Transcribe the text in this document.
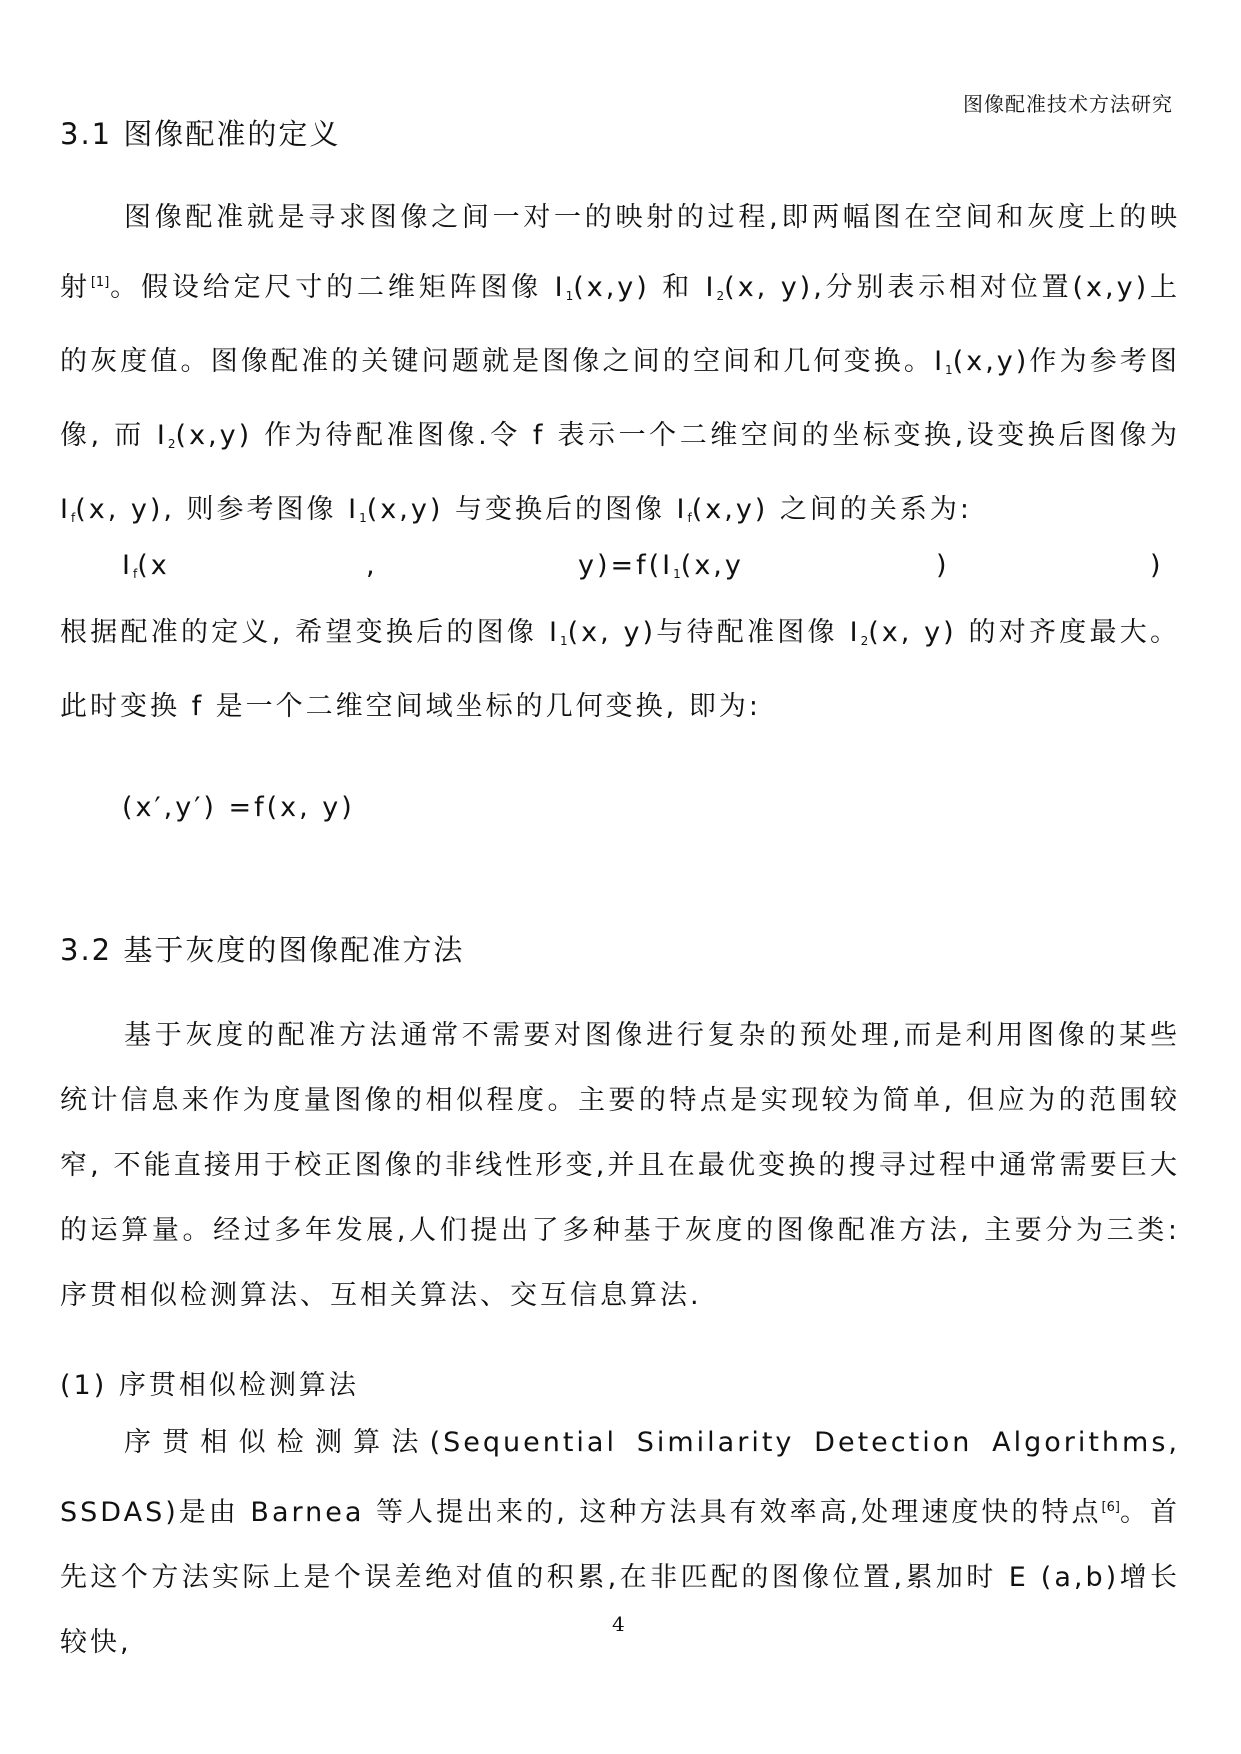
图像配准技术方法研究
3.1 图像配准的定义
图像配准就是寻求图像之间一对一的映射的过程,即两幅图在空间和灰度上的映射[1]。假设给定尺寸的二维矩阵图像 $I_1(x,y)$ 和 $I_2(x$, y),分别表示相对位置(x,y)上的灰度值。图像配准的关键问题就是图像之间的空间和几何变换。$I_1(x,y)$作为参考图像, 而 $I_2(x,y)$ 作为待配准图像.令 f 表示一个二维空间的坐标变换,设变换后图像为 $I_f(x$, y), 则参考图像 $I_1(x,y)$ 与变换后的图像 $I_f(x,y)$ 之间的关系为:
$I_f(x$	,	$y)=f(I_1(x,y$	)	)
根据配准的定义, 希望变换后的图像 $I_1(x$, y)与待配准图像 $I_2(x$, y) 的对齐度最大。此时变换 f 是一个二维空间域坐标的几何变换, 即为:
(x′,y′) =f(x, y)
3.2 基于灰度的图像配准方法
基于灰度的配准方法通常不需要对图像进行复杂的预处理,而是利用图像的某些统计信息来作为度量图像的相似程度。主要的特点是实现较为简单, 但应为的范围较窄, 不能直接用于校正图像的非线性形变,并且在最优变换的搜寻过程中通常需要巨大的运算量。经过多年发展,人们提出了多种基于灰度的图像配准方法, 主要分为三类: 序贯相似检测算法、互相关算法、交互信息算法.
(1) 序贯相似检测算法
序贯相似检测算法(Sequential Similarity Detection Algorithms, SSDAS)是由 Barnea 等人提出来的, 这种方法具有效率高,处理速度快的特点[6]。首先这个方法实际上是个误差绝对值的积累,在非匹配的图像位置,累加时 E (a,b)增长较快,
4
